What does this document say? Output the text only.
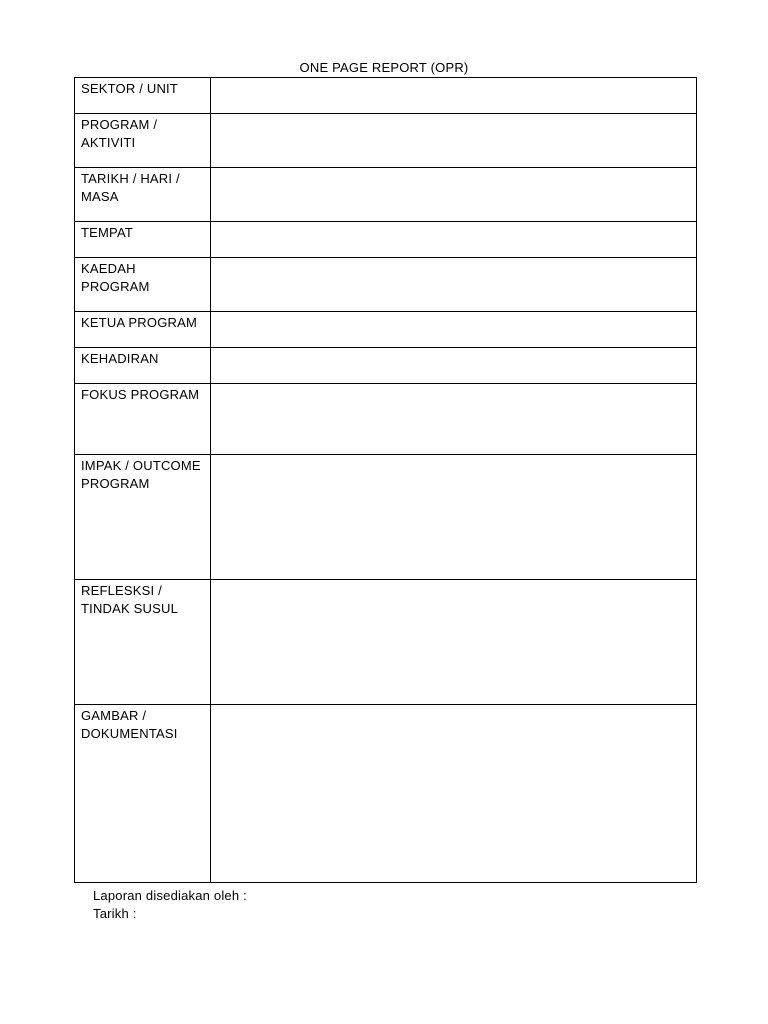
ONE PAGE REPORT (OPR)
SEKTOR / UNIT	
PROGRAM / AKTIVITI	
TARIKH / HARI / MASA	
TEMPAT	
KAEDAH PROGRAM	
KETUA PROGRAM	
KEHADIRAN	
FOKUS PROGRAM	
IMPAK / OUTCOME PROGRAM	
REFLESKSI / TINDAK SUSUL	
GAMBAR / DOKUMENTASI	
Laporan disediakan oleh :
Tarikh :
